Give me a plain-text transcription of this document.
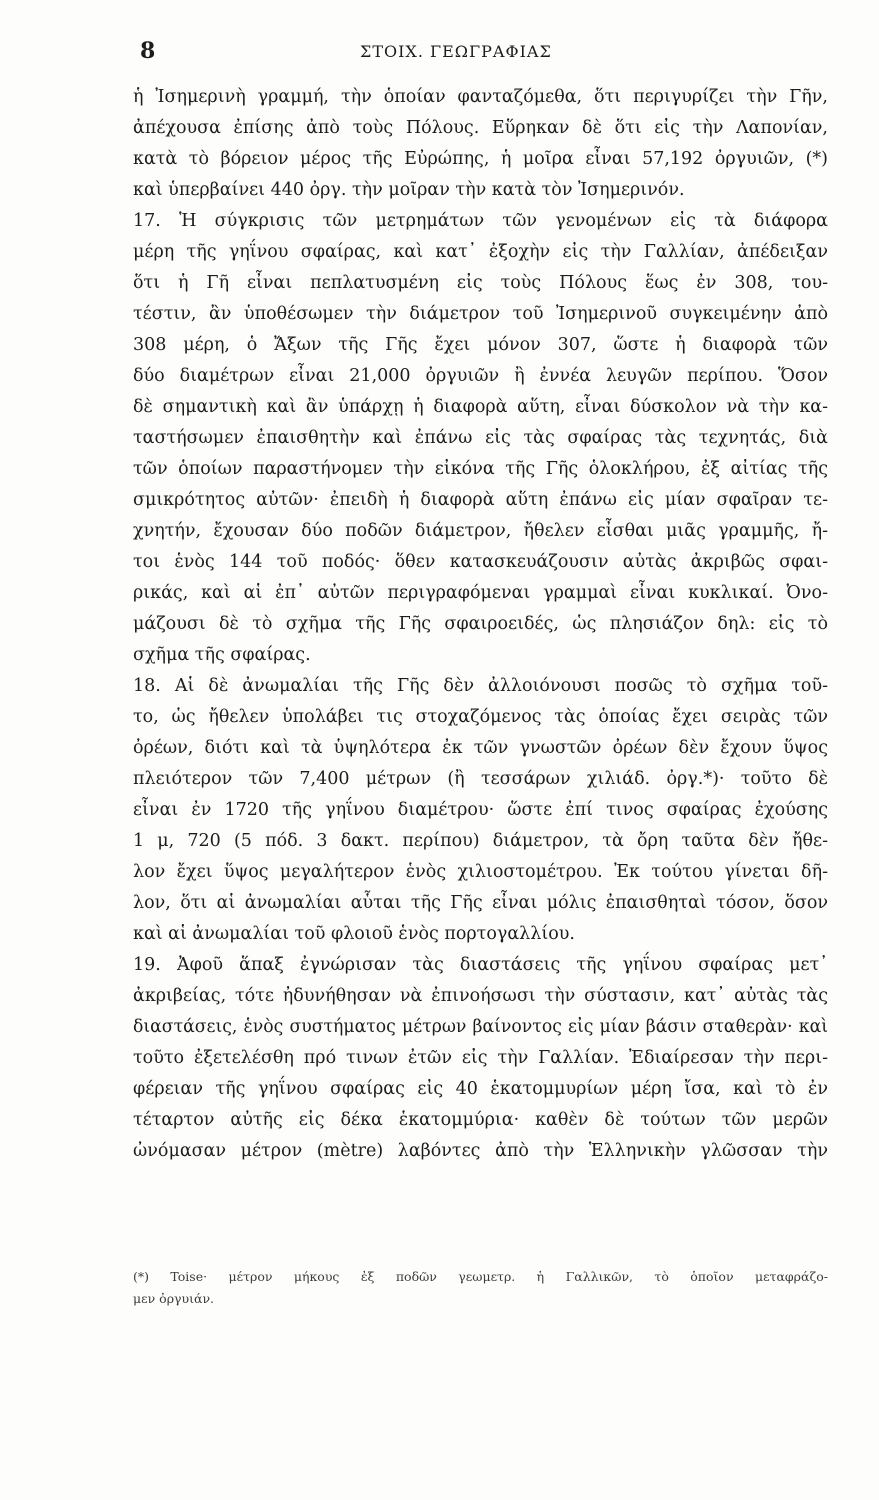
8	ΣΤΟΙΧ. ΓΕΩΓΡΑΦΙΑΣ
ἡ Ἰσημερινὴ γραμμή, τὴν ὁποίαν φανταζόμεθα, ὅτι περιγυρίζει τὴν Γῆν,
ἀπέχουσα ἐπίσης ἀπὸ τοὺς Πόλους. Εὕρηκαν δὲ ὅτι εἰς τὴν Λαπονίαν,
κατὰ τὸ βόρειον μέρος τῆς Εὐρώπης, ἡ μοῖρα εἶναι 57,192 ὀργυιῶν, (*)
καὶ ὑπερβαίνει 440 ὀργ. τὴν μοῖραν τὴν κατὰ τὸν Ἰσημερινόν.
17. Ἡ σύγκρισις τῶν μετρημάτων τῶν γενομένων εἰς τὰ διάφορα
μέρη τῆς γηΐνου σφαίρας, καὶ κατ᾽ ἐξοχὴν εἰς τὴν Γαλλίαν, ἀπέδειξαν
ὅτι ἡ Γῆ εἶναι πεπλατυσμένη εἰς τοὺς Πόλους ἕως ἐν 308, του-
τέστιν, ἂν ὑποθέσωμεν τὴν διάμετρον τοῦ Ἰσημερινοῦ συγκειμένην ἀπὸ
308 μέρη, ὁ Ἄξων τῆς Γῆς ἔχει μόνον 307, ὥστε ἡ διαφορὰ τῶν
δύο διαμέτρων εἶναι 21,000 ὀργυιῶν ἢ ἐννέα λευγῶν περίπου. Ὅσον
δὲ σημαντικὴ καὶ ἂν ὑπάρχῃ ἡ διαφορὰ αὕτη, εἶναι δύσκολον νὰ τὴν κα-
ταστήσωμεν ἐπαισθητὴν καὶ ἐπάνω εἰς τὰς σφαίρας τὰς τεχνητάς, διὰ
τῶν ὁποίων παραστήνομεν τὴν εἰκόνα τῆς Γῆς ὁλοκλήρου, ἐξ αἰτίας τῆς
σμικρότητος αὐτῶν· ἐπειδὴ ἡ διαφορὰ αὕτη ἐπάνω εἰς μίαν σφαῖραν τε-
χνητήν, ἔχουσαν δύο ποδῶν διάμετρον, ἤθελεν εἶσθαι μιᾶς γραμμῆς, ἤ-
τοι ἑνὸς 144 τοῦ ποδός· ὅθεν κατασκευάζουσιν αὐτὰς ἀκριβῶς σφαι-
ρικάς, καὶ αἱ ἐπ᾽ αὐτῶν περιγραφόμεναι γραμμαὶ εἶναι κυκλικαί. Ὀνο-
μάζουσι δὲ τὸ σχῆμα τῆς Γῆς σφαιροειδές, ὡς πλησιάζον δηλ: εἰς τὸ
σχῆμα τῆς σφαίρας.
18. Αἱ δὲ ἀνωμαλίαι τῆς Γῆς δὲν ἀλλοιόνουσι ποσῶς τὸ σχῆμα τοῦ-
το, ὡς ἤθελεν ὑπολάβει τις στοχαζόμενος τὰς ὁποίας ἔχει σειρὰς τῶν
ὀρέων, διότι καὶ τὰ ὑψηλότερα ἐκ τῶν γνωστῶν ὀρέων δὲν ἔχουν ὕψος
πλειότερον τῶν 7,400 μέτρων (ἢ τεσσάρων χιλιάδ. ὀργ.*)· τοῦτο δὲ
εἶναι ἐν 1720 τῆς γηΐνου διαμέτρου· ὥστε ἐπί τινος σφαίρας ἐχούσης
1 μ, 720 (5 πόδ. 3 δακτ. περίπου) διάμετρον, τὰ ὄρη ταῦτα δὲν ἤθε-
λον ἔχει ὕψος μεγαλήτερον ἑνὸς χιλιοστομέτρου. Ἐκ τούτου γίνεται δῆ-
λον, ὅτι αἱ ἀνωμαλίαι αὗται τῆς Γῆς εἶναι μόλις ἐπαισθηταὶ τόσον, ὅσον
καὶ αἱ ἀνωμαλίαι τοῦ φλοιοῦ ἑνὸς πορτογαλλίου.
19. Ἀφοῦ ἅπαξ ἐγνώρισαν τὰς διαστάσεις τῆς γηΐνου σφαίρας μετ᾽
ἀκριβείας, τότε ἠδυνήθησαν νὰ ἐπινοήσωσι τὴν σύστασιν, κατ᾽ αὐτὰς τὰς
διαστάσεις, ἑνὸς συστήματος μέτρων βαίνοντος εἰς μίαν βάσιν σταθερὰν· καὶ
τοῦτο ἐξετελέσθη πρό τινων ἐτῶν εἰς τὴν Γαλλίαν. Ἐδιαίρεσαν τὴν περι-
φέρειαν τῆς γηΐνου σφαίρας εἰς 40 ἑκατομμυρίων μέρη ἴσα, καὶ τὸ ἐν
τέταρτον αὐτῆς εἰς δέκα ἑκατομμύρια· καθὲν δὲ τούτων τῶν μερῶν
ὠνόμασαν μέτρον (mètre) λαβόντες ἀπὸ τὴν Ἑλληνικὴν γλῶσσαν τὴν
(*) Toise· μέτρον μήκους ἐξ ποδῶν γεωμετρ. ἡ Γαλλικῶν, τὸ ὁποῖον μεταφράζο-
μεν ὀργυιάν.
